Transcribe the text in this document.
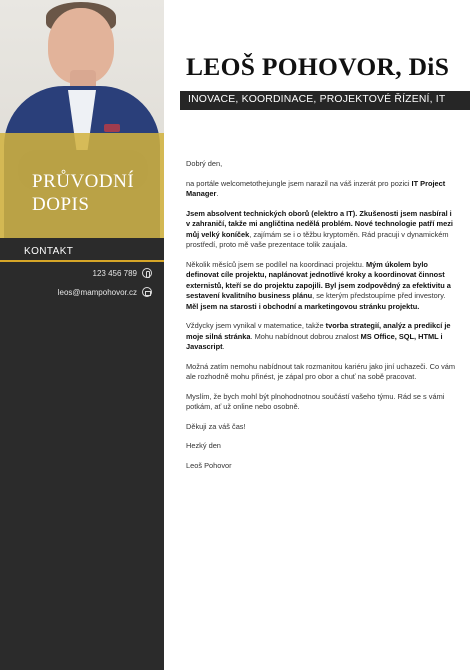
PRŮVODNÍ
DOPIS
KONTAKT
123 456 789
leos@mampohovor.cz
LEOŠ POHOVOR, DiS
INOVACE, KOORDINACE, PROJEKTOVÉ ŘÍZENÍ, IT

Dobrý den,

na portále welcometothejungle jsem narazil na váš inzerát pro pozici IT Project Manager.

Jsem absolvent technických oborů (elektro a IT). Zkušenosti jsem nasbíral i v zahraničí, takže mi angličtina nedělá problém. Nové technologie patří mezi můj velký koníček, zajímám se i o těžbu kryptoměn. Rád pracuji v dynamickém prostředí, proto mě vaše prezentace tolik zaujala.

Několik měsíců jsem se podílel na koordinaci projektu. Mým úkolem bylo definovat cíle projektu, naplánovat jednotlivé kroky a koordinovat činnost externistů, kteří se do projektu zapojili. Byl jsem zodpovědný za efektivitu a sestavení kvalitního business plánu, se kterým předstoupíme před investory. Měl jsem na starosti i obchodní a marketingovou stránku projektu.

Vždycky jsem vynikal v matematice, takže tvorba strategií, analýz a predikcí je moje silná stránka. Mohu nabídnout dobrou znalost MS Office, SQL, HTML i Javascript.

Možná zatím nemohu nabídnout tak rozmanitou kariéru jako jiní uchazeči. Co vám ale rozhodně mohu přinést, je zápal pro obor a chuť na sobě pracovat.

Myslím, že bych mohl být plnohodnotnou součástí vašeho týmu. Rád se s vámi potkám, ať už online nebo osobně.

Děkuji za váš čas!

Hezký den

Leoš Pohovor
